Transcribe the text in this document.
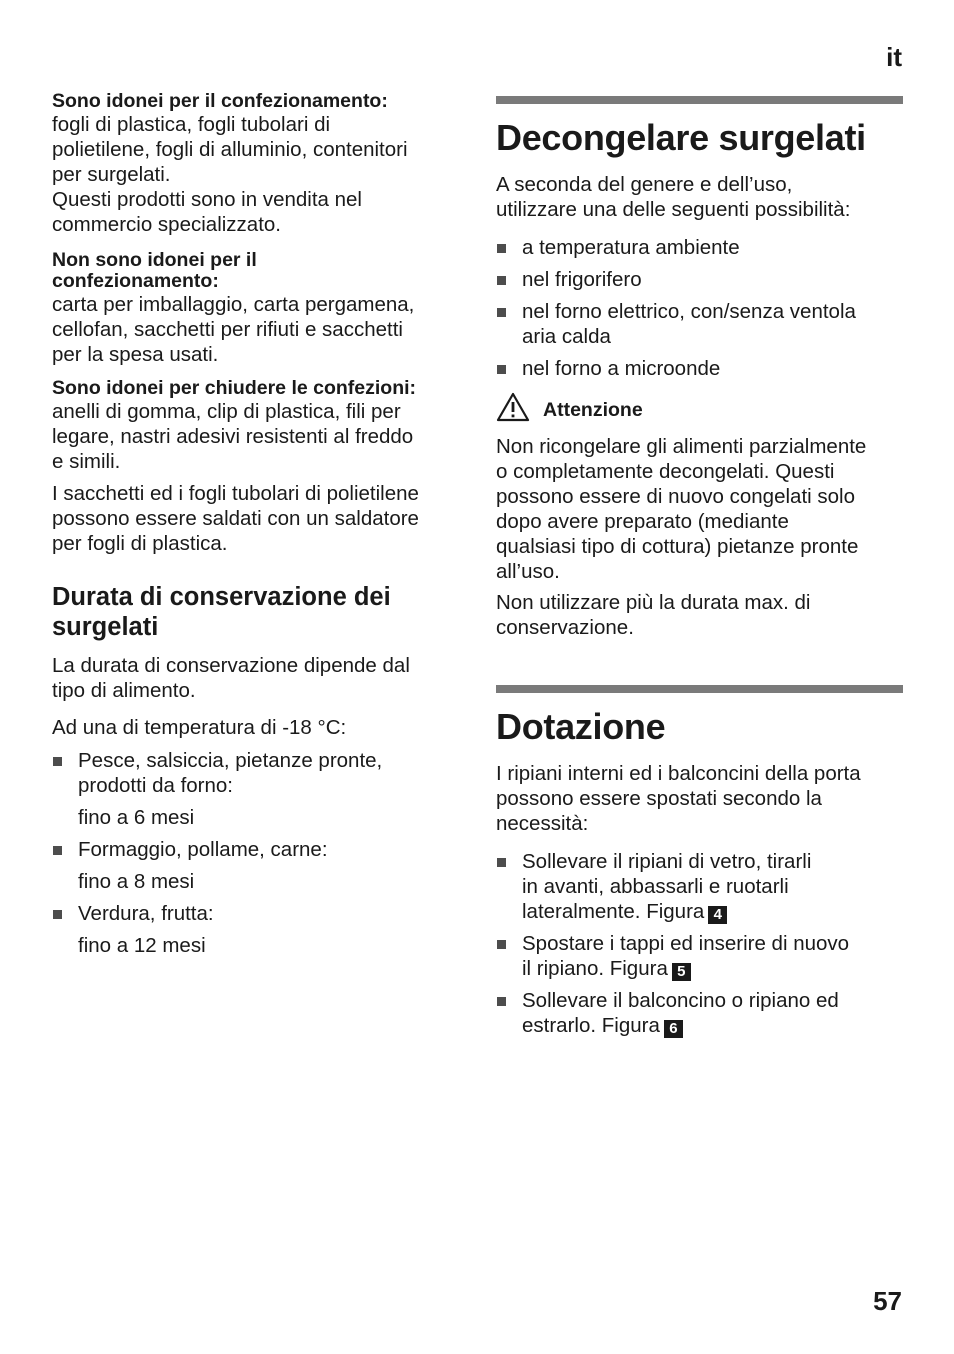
it
Sono idonei per il confezionamento:

fogli di plastica, fogli tubolari di
polietilene, fogli di alluminio, contenitori
per surgelati.
Questi prodotti sono in vendita nel
commercio specializzato.

Non sono idonei per il
confezionamento:

carta per imballaggio, carta pergamena,
cellofan, sacchetti per rifiuti e sacchetti
per la spesa usati.

Sono idonei per chiudere le confezioni:

anelli di gomma, clip di plastica, fili per
legare, nastri adesivi resistenti al freddo
e simili.

I sacchetti ed i fogli tubolari di polietilene
possono essere saldati con un saldatore
per fogli di plastica.

Durata di conservazione dei
surgelati

La durata di conservazione dipende dal
tipo di alimento.

Ad una di temperatura di -18 °C:

Pesce, salsiccia, pietanze pronte,
prodotti da forno:
fino a 6 mesi
Formaggio, pollame, carne:
fino a 8 mesi
Verdura, frutta:
fino a 12 mesi
Decongelare surgelati

A seconda del genere e dell’uso,
utilizzare una delle seguenti possibilità:

a temperatura ambiente
nel frigorifero
nel forno elettrico, con/senza ventola
aria calda
nel forno a microonde
Attenzione

Non ricongelare gli alimenti parzialmente
o completamente decongelati. Questi
possono essere di nuovo congelati solo
dopo avere preparato (mediante
qualsiasi tipo di cottura) pietanze pronte
all’uso.

Non utilizzare più la durata max. di
conservazione.

Dotazione

I ripiani interni ed i balconcini della porta
possono essere spostati secondo la
necessità:

Sollevare il ripiani di vetro, tirarli
in avanti, abbassarli e ruotarli
lateralmente. Figura 4
Spostare i tappi ed inserire di nuovo
il ripiano. Figura 5
Sollevare il balconcino o ripiano ed
estrarlo. Figura 6
57
